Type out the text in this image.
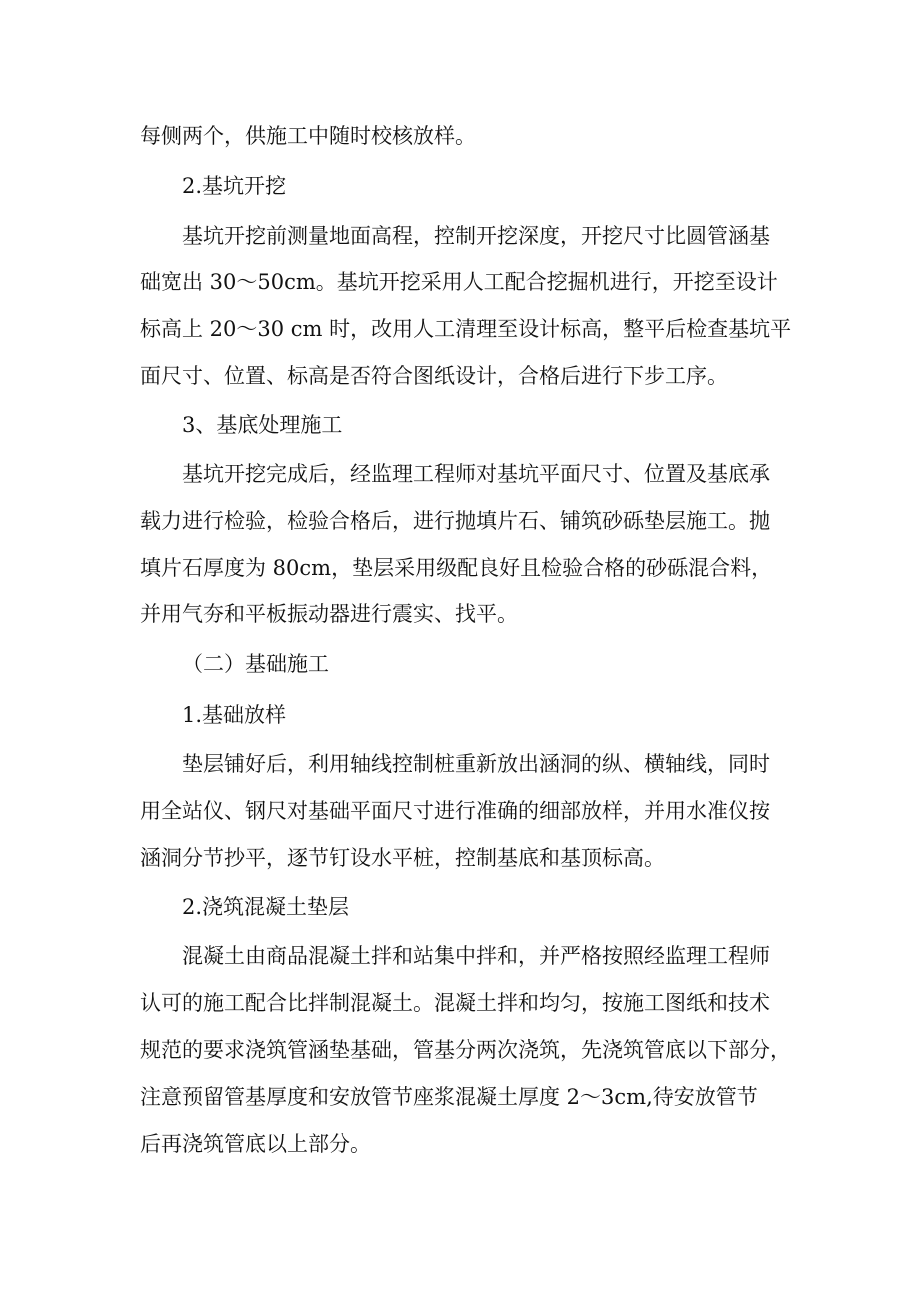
每侧两个，供施工中随时校核放样。
2.基坑开挖
基坑开挖前测量地面高程，控制开挖深度，开挖尺寸比圆管涵基
础宽出 30～50cm。基坑开挖采用人工配合挖掘机进行，开挖至设计
标高上 20～30 cm 时，改用人工清理至设计标高，整平后检查基坑平
面尺寸、位置、标高是否符合图纸设计，合格后进行下步工序。
3、基底处理施工
基坑开挖完成后，经监理工程师对基坑平面尺寸、位置及基底承
载力进行检验，检验合格后，进行抛填片石、铺筑砂砾垫层施工。抛
填片石厚度为 80cm，垫层采用级配良好且检验合格的砂砾混合料，
并用气夯和平板振动器进行震实、找平。
（二）基础施工
1.基础放样
垫层铺好后，利用轴线控制桩重新放出涵洞的纵、横轴线，同时
用全站仪、钢尺对基础平面尺寸进行准确的细部放样，并用水准仪按
涵洞分节抄平，逐节钉设水平桩，控制基底和基顶标高。
2.浇筑混凝土垫层
混凝土由商品混凝土拌和站集中拌和，并严格按照经监理工程师
认可的施工配合比拌制混凝土。混凝土拌和均匀，按施工图纸和技术
规范的要求浇筑管涵垫基础，管基分两次浇筑，先浇筑管底以下部分，
注意预留管基厚度和安放管节座浆混凝土厚度 2～3cm,待安放管节
后再浇筑管底以上部分。
